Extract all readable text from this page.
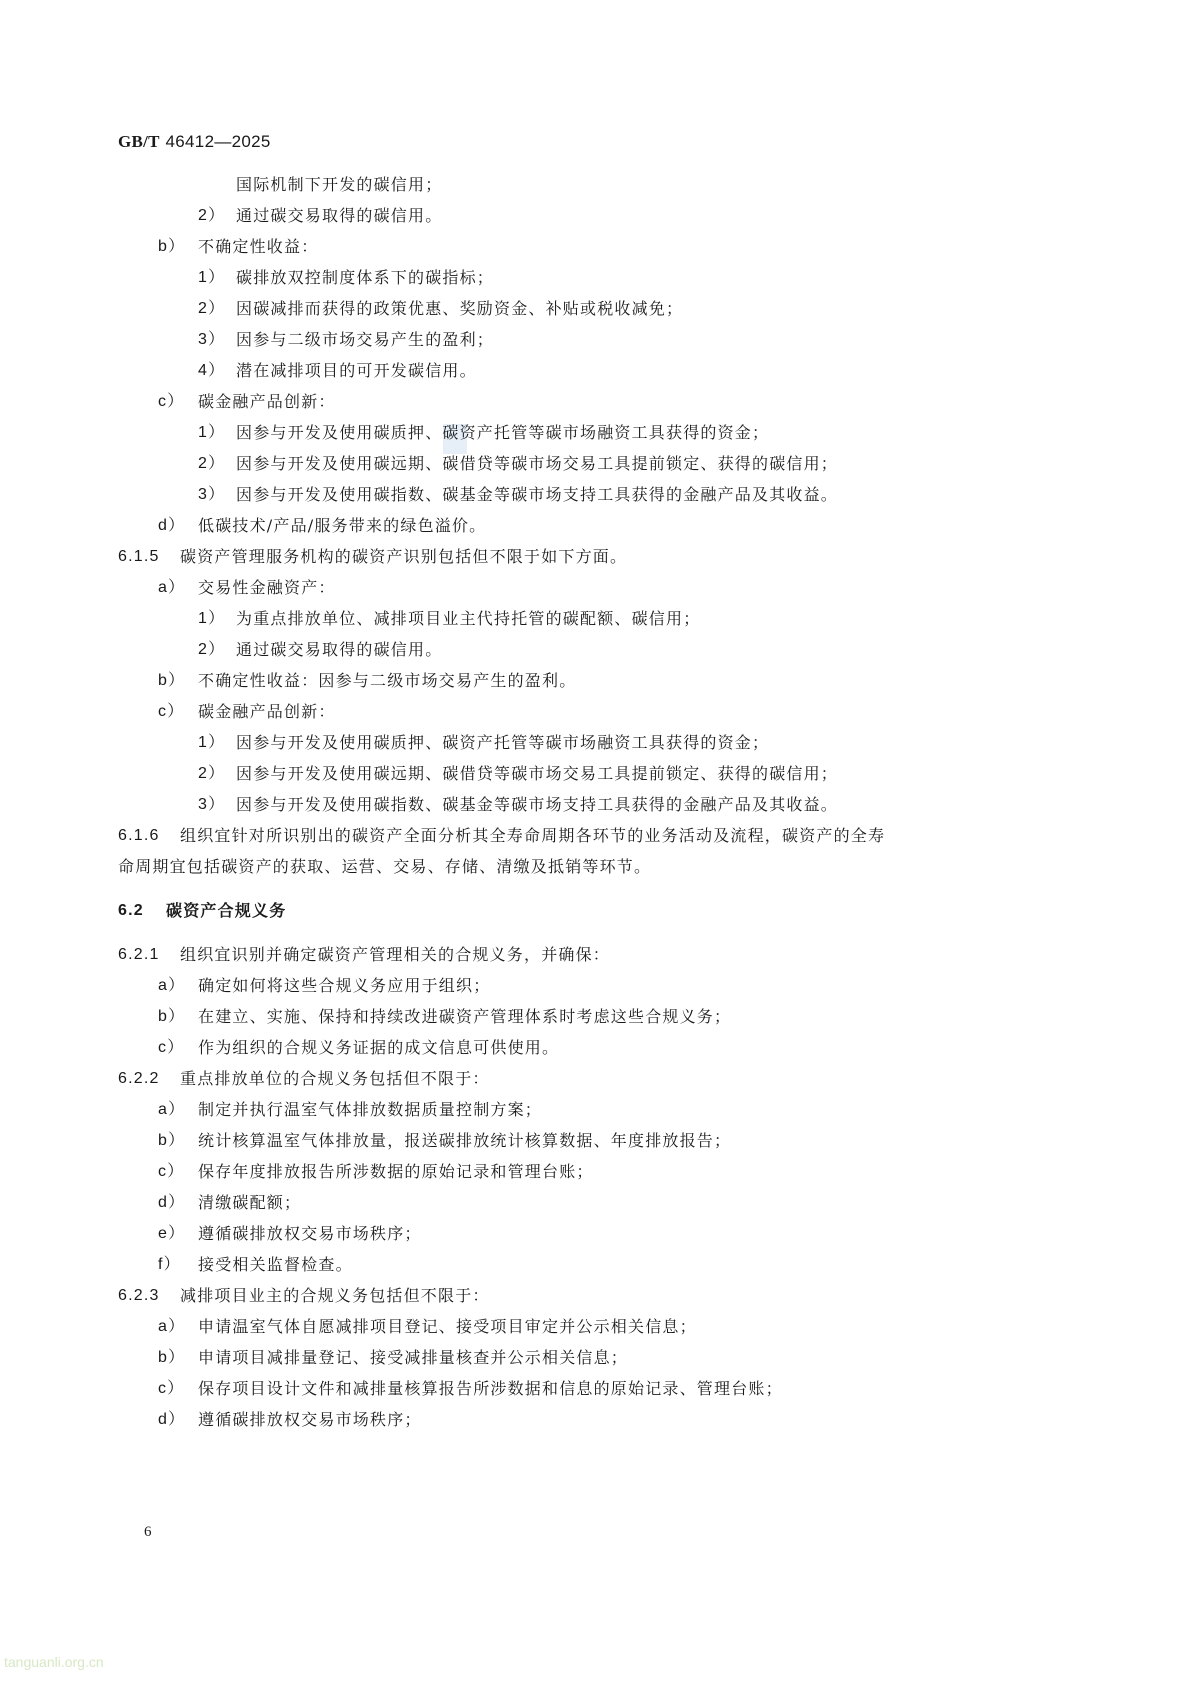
GB/T 46412—2025
国际机制下开发的碳信用；
2） 通过碳交易取得的碳信用。
b） 不确定性收益：
1） 碳排放双控制度体系下的碳指标；
2） 因碳减排而获得的政策优惠、奖励资金、补贴或税收减免；
3） 因参与二级市场交易产生的盈利；
4） 潜在减排项目的可开发碳信用。
c） 碳金融产品创新：
1） 因参与开发及使用碳质押、碳资产托管等碳市场融资工具获得的资金；
2） 因参与开发及使用碳远期、碳借贷等碳市场交易工具提前锁定、获得的碳信用；
3） 因参与开发及使用碳指数、碳基金等碳市场支持工具获得的金融产品及其收益。
d） 低碳技术/产品/服务带来的绿色溢价。
6.1.5 碳资产管理服务机构的碳资产识别包括但不限于如下方面。
a） 交易性金融资产：
1） 为重点排放单位、减排项目业主代持托管的碳配额、碳信用；
2） 通过碳交易取得的碳信用。
b） 不确定性收益：因参与二级市场交易产生的盈利。
c） 碳金融产品创新：
1） 因参与开发及使用碳质押、碳资产托管等碳市场融资工具获得的资金；
2） 因参与开发及使用碳远期、碳借贷等碳市场交易工具提前锁定、获得的碳信用；
3） 因参与开发及使用碳指数、碳基金等碳市场支持工具获得的金融产品及其收益。
6.1.6 组织宜针对所识别出的碳资产全面分析其全寿命周期各环节的业务活动及流程，碳资产的全寿
命周期宜包括碳资产的获取、运营、交易、存储、清缴及抵销等环节。
6.2 碳资产合规义务
6.2.1 组织宜识别并确定碳资产管理相关的合规义务，并确保：
a） 确定如何将这些合规义务应用于组织；
b） 在建立、实施、保持和持续改进碳资产管理体系时考虑这些合规义务；
c） 作为组织的合规义务证据的成文信息可供使用。
6.2.2 重点排放单位的合规义务包括但不限于：
a） 制定并执行温室气体排放数据质量控制方案；
b） 统计核算温室气体排放量，报送碳排放统计核算数据、年度排放报告；
c） 保存年度排放报告所涉数据的原始记录和管理台账；
d） 清缴碳配额；
e） 遵循碳排放权交易市场秩序；
f） 接受相关监督检查。
6.2.3 减排项目业主的合规义务包括但不限于：
a） 申请温室气体自愿减排项目登记、接受项目审定并公示相关信息；
b） 申请项目减排量登记、接受减排量核查并公示相关信息；
c） 保存项目设计文件和减排量核算报告所涉数据和信息的原始记录、管理台账；
d） 遵循碳排放权交易市场秩序；
6
tanguanli.org.cn
